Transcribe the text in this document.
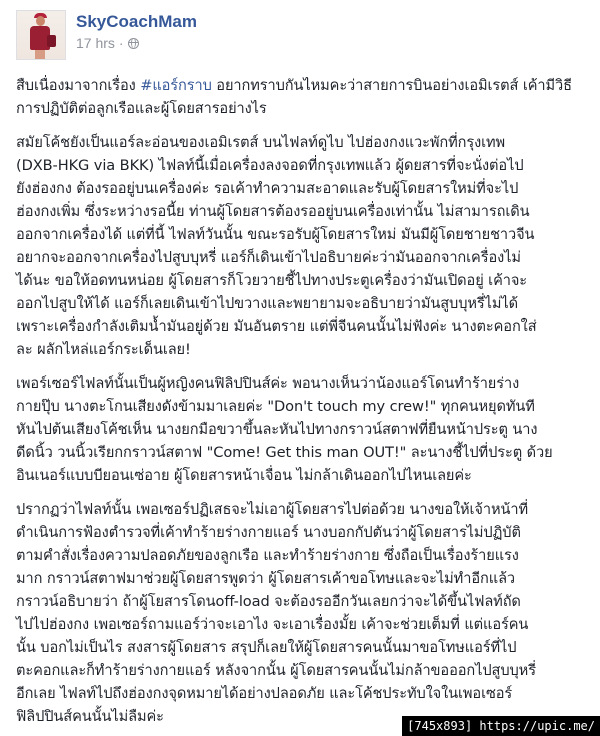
SkyCoachMam
17 hrs ·

สืบเนื่องมาจากเรื่อง #แอร์กราบ อยากทราบกันไหมคะว่าสายการบินอย่างเอมิเรตส์ เค้ามีวิธีการปฏิบัติต่อลูกเรือและผู้โดยสารอย่างไร

สมัยโค้ชยังเป็นแอร์ละอ่อนของเอมิเรตส์ บนไฟลท์ดูไบ ไปฮ่องกงแวะพักที่กรุงเทพ
(DXB-HKG via BKK) ไฟลท์นี้เมื่อเครื่องลงจอดที่กรุงเทพแล้ว ผู้ดยสารที่จะนั่งต่อไป
ยังฮ่องกง ต้องรออยู่บนเครื่องค่ะ รอเค้าทำความสะอาดและรับผู้โดยสารใหม่ที่จะไป
ฮ่องกงเพิ่ม ซึ่งระหว่างรอนี้ย ท่านผู้โดยสารต้องรออยู่บนเครื่องเท่านั้น ไม่สามารถเดิน
ออกจากเครื่องได้ แต่ที่นี้ ไฟลท์วันนั้น ขณะรอรับผู้โดยสารใหม่ มันมีผู้โดยชายชาวจีน
อยากจะออกจากเครื่องไปสูบบุหรี่ แอร์ก็เดินเข้าไปอธิบายค่ะว่ามันออกจากเครื่องไม่
ได้นะ ขอให้อดทนหน่อย ผู้โดยสารก็โวยวายชี้ไปทางประตูเครื่องว่ามันเปิดอยู่ เค้าจะ
ออกไปสูบให้ได้ แอร์ก็เลยเดินเข้าไปขวางและพยายามจะอธิบายว่ามันสูบบุหรี่ไม่ได้
เพราะเครื่องกำลังเติมน้ำมันอยู่ด้วย มันอันตราย แต่พี่จีนคนนั้นไม่ฟังค่ะ นางตะคอกใส่
ละ ผลักไหล่แอร์กระเด็นเลย!

เพอร์เซอร์ไฟลท์นั้นเป็นผู้หญิงคนฟิลิปปินส์ค่ะ พอนางเห็นว่าน้องแอร์โดนทำร้ายร่าง
กายปุ๊บ นางตะโกนเสียงดังข้ามมาเลยค่ะ "Don't touch my crew!" ทุกคนหยุดทันที
หันไปต้นเสียงโค้ชเห็น นางยกมือขวาขึ้นละหันไปทางกราวน์สตาฟที่ยืนหน้าประตู นาง
ดีดนิ้ว วนนิ้วเรียกกราวน์สตาฟ "Come! Get this man OUT!" ละนางชี้ไปที่ประตู ด้วย
อินเนอร์แบบบียอนเซ่อาย ผู้โดยสารหน้าเจื่อน ไม่กล้าเดินออกไปไหนเลยค่ะ

ปรากฏว่าไฟลท์นั้น เพอเซอร์ปฏิเสธจะไม่เอาผู้โดยสารไปต่อด้วย นางขอให้เจ้าหน้าที่
ดำเนินการฟ้องตำรวจที่เค้าทำร้ายร่างกายแอร์ นางบอกกัปตันว่าผู้โดยสารไม่ปฏิบัติ
ตามคำสั่งเรื่องความปลอดภัยของลูกเรือ และทำร้ายร่างกาย ซึ่งถือเป็นเรื่องร้ายแรง
มาก กราวน์สตาฟมาช่วยผู้โดยสารพูดว่า ผู้โดยสารเค้าขอโทษและจะไม่ทำอีกแล้ว
กราวน์อธิบายว่า ถ้าผู้โยสารโดนoff-load จะต้องรออีกวันเลยกว่าจะได้ขึ้นไฟลท์ถัด
ไปไปฮ่องกง เพอเซอร์ถามแอร์ว่าจะเอาไง จะเอาเรื่องมั้ย เค้าจะช่วยเต็มที่ แต่แอร์คน
นั้น บอกไม่เป็นไร สงสารผู้โดยสาร สรุปก็เลยให้ผู้โดยสารคนนั้นมาขอโทษแอร์ที่ไป
ตะคอกและก็ทำร้ายร่างกายแอร์ หลังจากนั้น ผู้โดยสารคนนั้นไม่กล้าขอออกไปสูบบุหรี่
อีกเลย ไฟลท์ไปถึงฮ่องกงจุดหมายได้อย่างปลอดภัย และโค้ชประทับใจในเพอเซอร์
ฟิลิปปินส์คนนั้นไม่ลืมค่ะ

[745x893] https://upic.me/
